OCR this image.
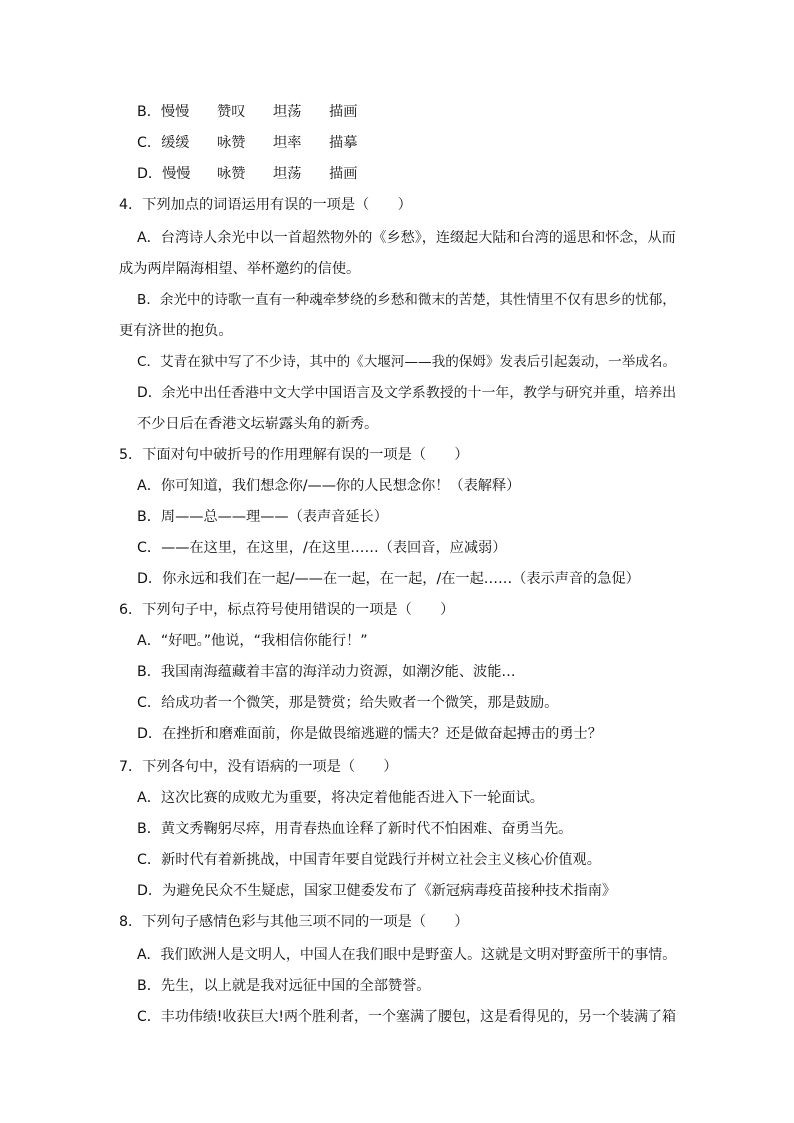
B．慢慢 赞叹 坦荡 描画
C．缓缓 咏赞 坦率 描摹
D．慢慢 咏赞 坦荡 描画
4．下列加点的词语运用有误的一项是（　　）
A．台湾诗人余光中以一首超然物外的《乡愁》，连缀起大陆和台湾的遥思和怀念，从而
成为两岸隔海相望、举杯邀约的信使。
B．余光中的诗歌一直有一种魂牵梦绕的乡愁和微末的苦楚，其性情里不仅有思乡的忧郁，
更有济世的抱负。
C．艾青在狱中写了不少诗，其中的《大堰河——我的保姆》发表后引起轰动，一举成名。
D．余光中出任香港中文大学中国语言及文学系教授的十一年，教学与研究并重，培养出
不少日后在香港文坛崭露头角的新秀。
5．下面对句中破折号的作用理解有误的一项是（　　）
A．你可知道，我们想念你/——你的人民想念你！（表解释）
B．周——总——理——（表声音延长）
C．——在这里，在这里，/在这里……（表回音，应减弱）
D．你永远和我们在一起/——在一起，在一起，/在一起……（表示声音的急促）
6．下列句子中，标点符号使用错误的一项是（　　）
A．“好吧。”他说，“我相信你能行！”
B．我国南海蕴藏着丰富的海洋动力资源，如潮汐能、波能…
C．给成功者一个微笑，那是赞赏；给失败者一个微笑，那是鼓励。
D．在挫折和磨难面前，你是做畏缩逃避的懦夫？还是做奋起搏击的勇士？
7．下列各句中，没有语病的一项是（　　）
A．这次比赛的成败尤为重要，将决定着他能否进入下一轮面试。
B．黄文秀鞠躬尽瘁，用青春热血诠释了新时代不怕困难、奋勇当先。
C．新时代有着新挑战，中国青年要自觉践行并树立社会主义核心价值观。
D．为避免民众不生疑虑，国家卫健委发布了《新冠病毒疫苗接种技术指南》
8．下列句子感情色彩与其他三项不同的一项是（　　）
A．我们欧洲人是文明人，中国人在我们眼中是野蛮人。这就是文明对野蛮所干的事情。
B．先生，以上就是我对远征中国的全部赞誉。
C．丰功伟绩!收获巨大!两个胜利者，一个塞满了腰包，这是看得见的，另一个装满了箱
